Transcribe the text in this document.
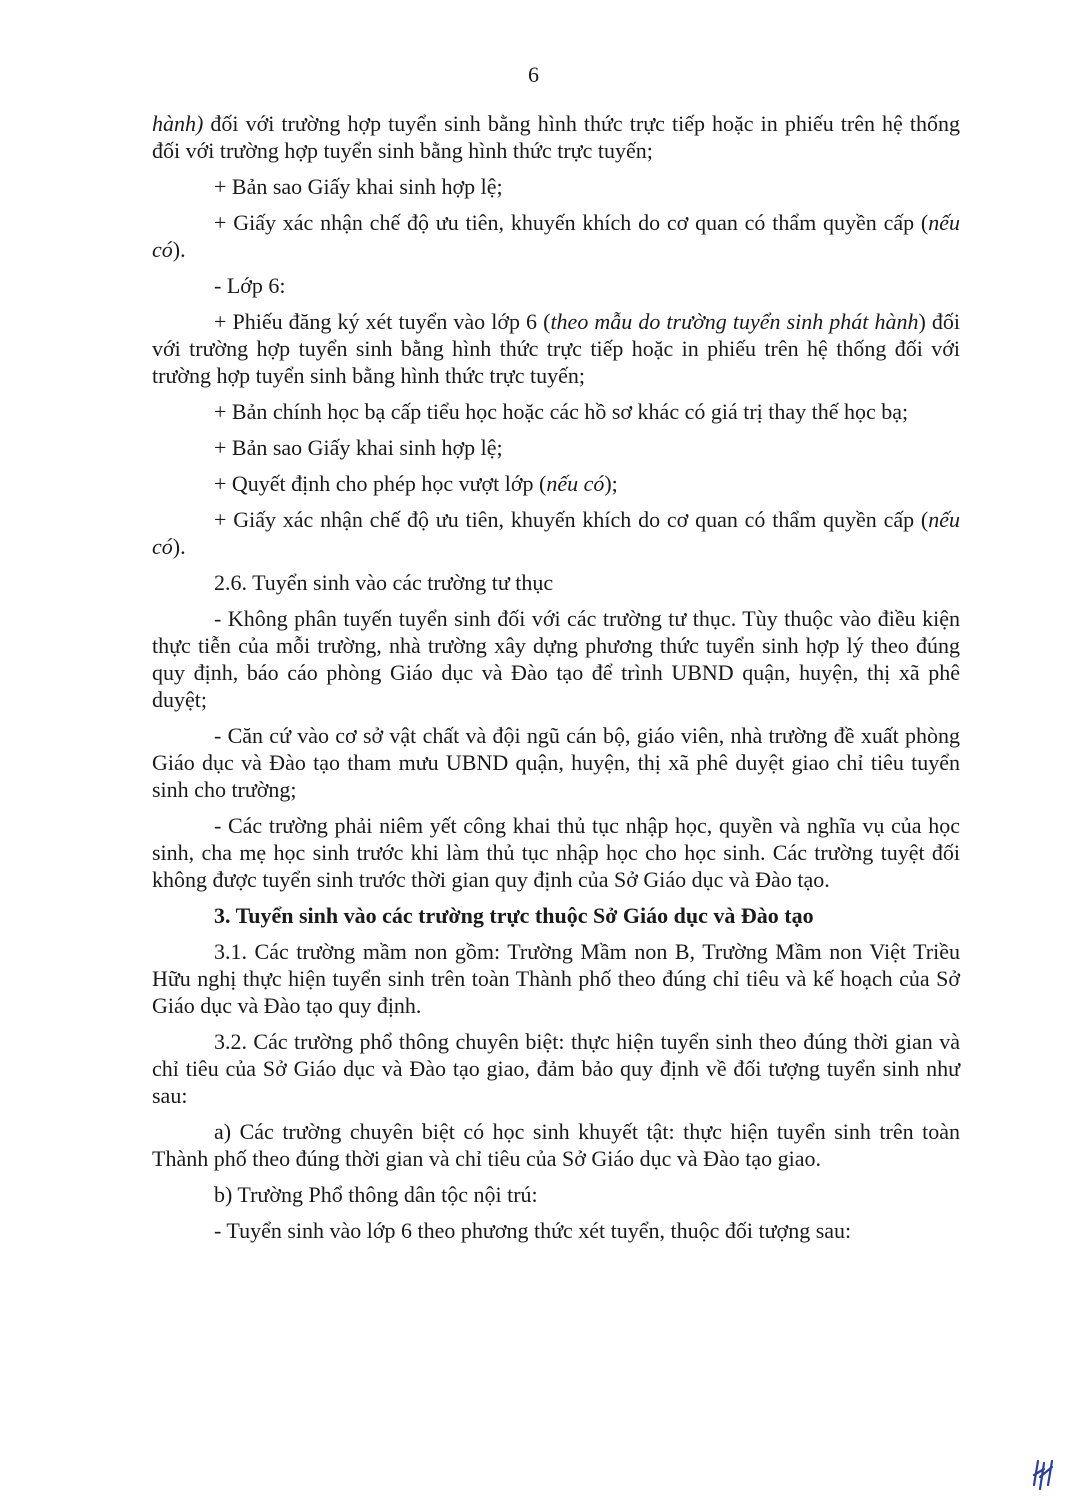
6

hành) đối với trường hợp tuyển sinh bằng hình thức trực tiếp hoặc in phiếu trên hệ thống đối với trường hợp tuyển sinh bằng hình thức trực tuyến;

+ Bản sao Giấy khai sinh hợp lệ;

+ Giấy xác nhận chế độ ưu tiên, khuyến khích do cơ quan có thẩm quyền cấp (nếu có).

- Lớp 6:

+ Phiếu đăng ký xét tuyển vào lớp 6 (theo mẫu do trường tuyển sinh phát hành) đối với trường hợp tuyển sinh bằng hình thức trực tiếp hoặc in phiếu trên hệ thống đối với trường hợp tuyển sinh bằng hình thức trực tuyến;

+ Bản chính học bạ cấp tiểu học hoặc các hồ sơ khác có giá trị thay thế học bạ;

+ Bản sao Giấy khai sinh hợp lệ;

+ Quyết định cho phép học vượt lớp (nếu có);

+ Giấy xác nhận chế độ ưu tiên, khuyến khích do cơ quan có thẩm quyền cấp (nếu có).

2.6. Tuyển sinh vào các trường tư thục

- Không phân tuyến tuyển sinh đối với các trường tư thục. Tùy thuộc vào điều kiện thực tiễn của mỗi trường, nhà trường xây dựng phương thức tuyển sinh hợp lý theo đúng quy định, báo cáo phòng Giáo dục và Đào tạo để trình UBND quận, huyện, thị xã phê duyệt;

- Căn cứ vào cơ sở vật chất và đội ngũ cán bộ, giáo viên, nhà trường đề xuất phòng Giáo dục và Đào tạo tham mưu UBND quận, huyện, thị xã phê duyệt giao chỉ tiêu tuyển sinh cho trường;

- Các trường phải niêm yết công khai thủ tục nhập học, quyền và nghĩa vụ của học sinh, cha mẹ học sinh trước khi làm thủ tục nhập học cho học sinh. Các trường tuyệt đối không được tuyển sinh trước thời gian quy định của Sở Giáo dục và Đào tạo.

3. Tuyển sinh vào các trường trực thuộc Sở Giáo dục và Đào tạo

3.1. Các trường mầm non gồm: Trường Mầm non B, Trường Mầm non Việt Triều Hữu nghị thực hiện tuyển sinh trên toàn Thành phố theo đúng chỉ tiêu và kế hoạch của Sở Giáo dục và Đào tạo quy định.

3.2. Các trường phổ thông chuyên biệt: thực hiện tuyển sinh theo đúng thời gian và chỉ tiêu của Sở Giáo dục và Đào tạo giao, đảm bảo quy định về đối tượng tuyển sinh như sau:

a) Các trường chuyên biệt có học sinh khuyết tật: thực hiện tuyển sinh trên toàn Thành phố theo đúng thời gian và chỉ tiêu của Sở Giáo dục và Đào tạo giao.

b) Trường Phổ thông dân tộc nội trú:

- Tuyển sinh vào lớp 6 theo phương thức xét tuyển, thuộc đối tượng sau:
